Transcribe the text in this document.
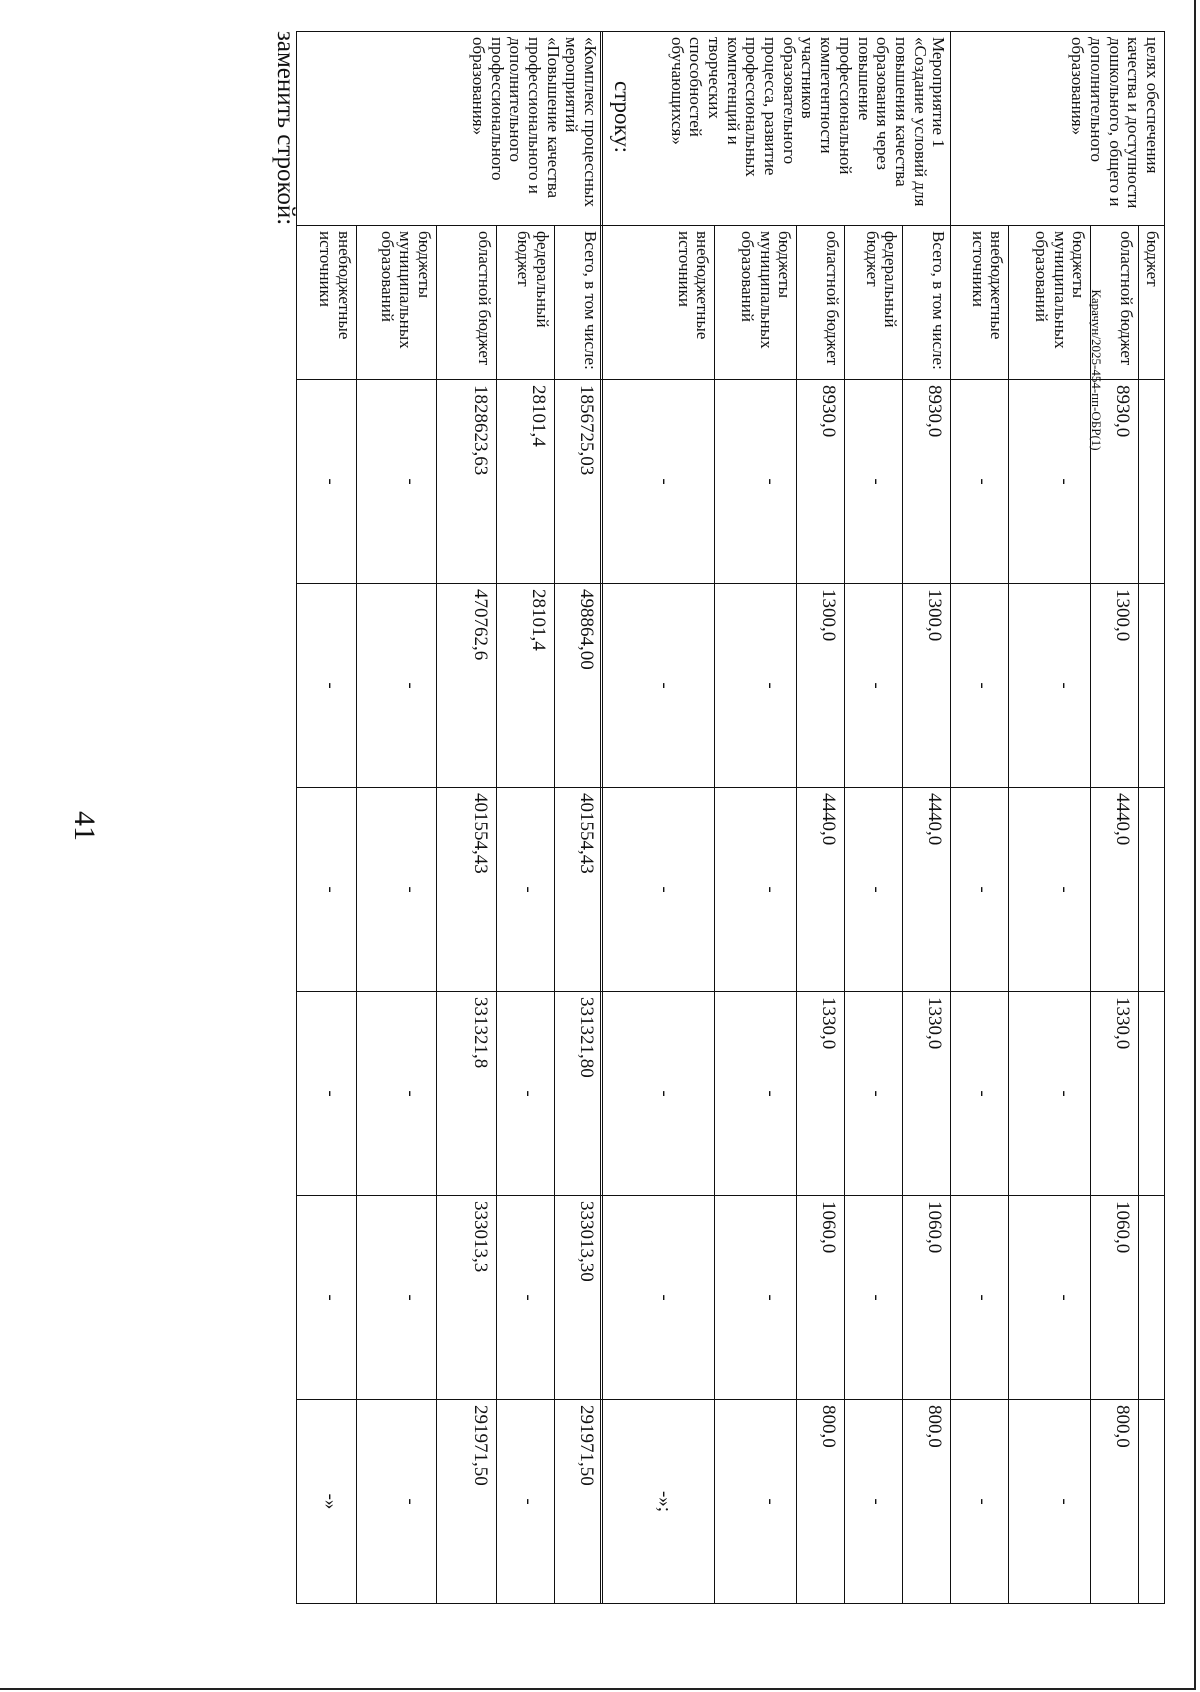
41
Карачун/2025-454-пп-ОБР(1)
целях обеспечения качества и доступности дошкольного, общего и дополнительного образования»	бюджет						
	областной бюджет	8930,0	1300,0	4440,0	1330,0	1060,0	800,0
	бюджеты муниципальных образований	-	-	-	-	-	-
	внебюджетные источники	-	-	-	-	-	-
Мероприятие 1 «Создание условий для повышения качества образования через повышение профессиональной компетентности участников образовательного процесса, развитие профессиональных компетенций и творческих способностей обучающихся»	Всего, в том числе:	8930,0	1300,0	4440,0	1330,0	1060,0	800,0
	федеральный бюджет	-	-	-	-	-	-
	областной бюджет	8930,0	1300,0	4440,0	1330,0	1060,0	800,0
	бюджеты муниципальных образований	-	-	-	-	-	-
	внебюджетные источники	-	-	-	-	-	-»;
строку:
«Комплекс процессных мероприятий «Повышение качества профессионального и дополнительного профессионального образования»	Всего, в том числе:	1856725,03	498864,00	401554,43	331321,80	333013,30	291971,50
	федеральный бюджет	28101,4	28101,4	-	-	-	-
	областной бюджет	1828623,63	470762,6	401554,43	331321,8	333013,3	291971,50
	бюджеты муниципальных образований	-	-	-	-	-	-
	внебюджетные источники	-	-	-	-	-	-»
заменить строкой:
